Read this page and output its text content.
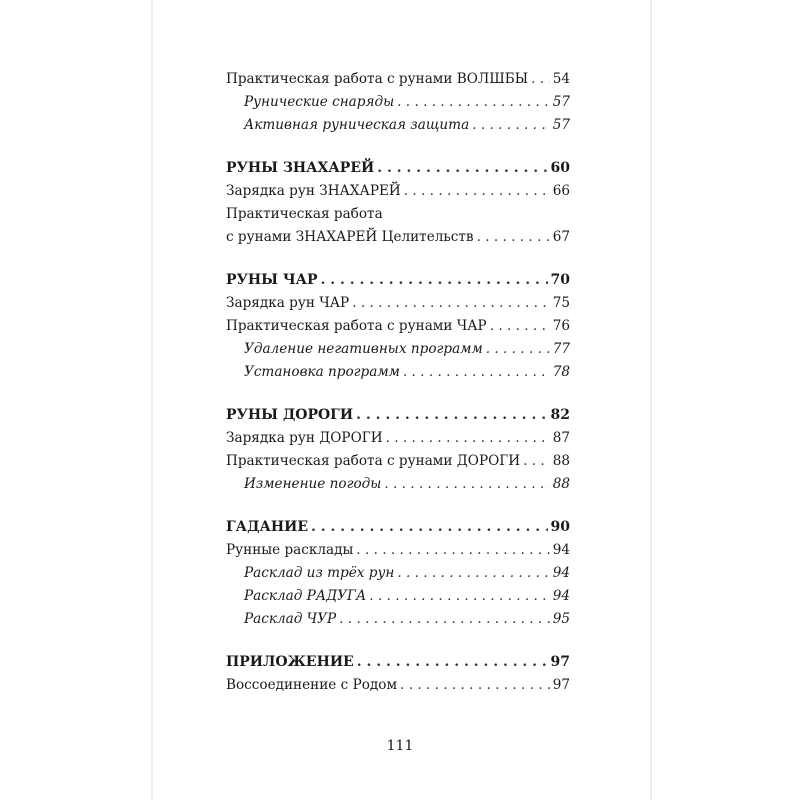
Практическая работа с рунами ВОЛШБЫ . . . 54
Рунические снаряды . . .	57
Активная руническая защита . . .	57
РУНЫ ЗНАХАРЕЙ . . .	60
Зарядка рун ЗНАХАРЕЙ . . .	66
Практическая работа
с рунами ЗНАХАРЕЙ Целительств . . .	67
РУНЫ ЧАР . . .	70
Зарядка рун ЧАР . . .	75
Практическая работа с рунами ЧАР . . .	76
Удаление негативных программ . . .	77
Установка программ . . .	78
РУНЫ ДОРОГИ . . .	82
Зарядка рун ДОРОГИ . . .	87
Практическая работа с рунами ДОРОГИ . . . 88
Изменение погоды . . .	88
ГАДАНИЕ . . .	90
Рунные расклады . . .	94
Расклад из трёх рун . . .	94
Расклад РАДУГА . . .	94
Расклад ЧУР . . .	95
ПРИЛОЖЕНИЕ . . .	97
Воссоединение с Родом . . .	97
111
